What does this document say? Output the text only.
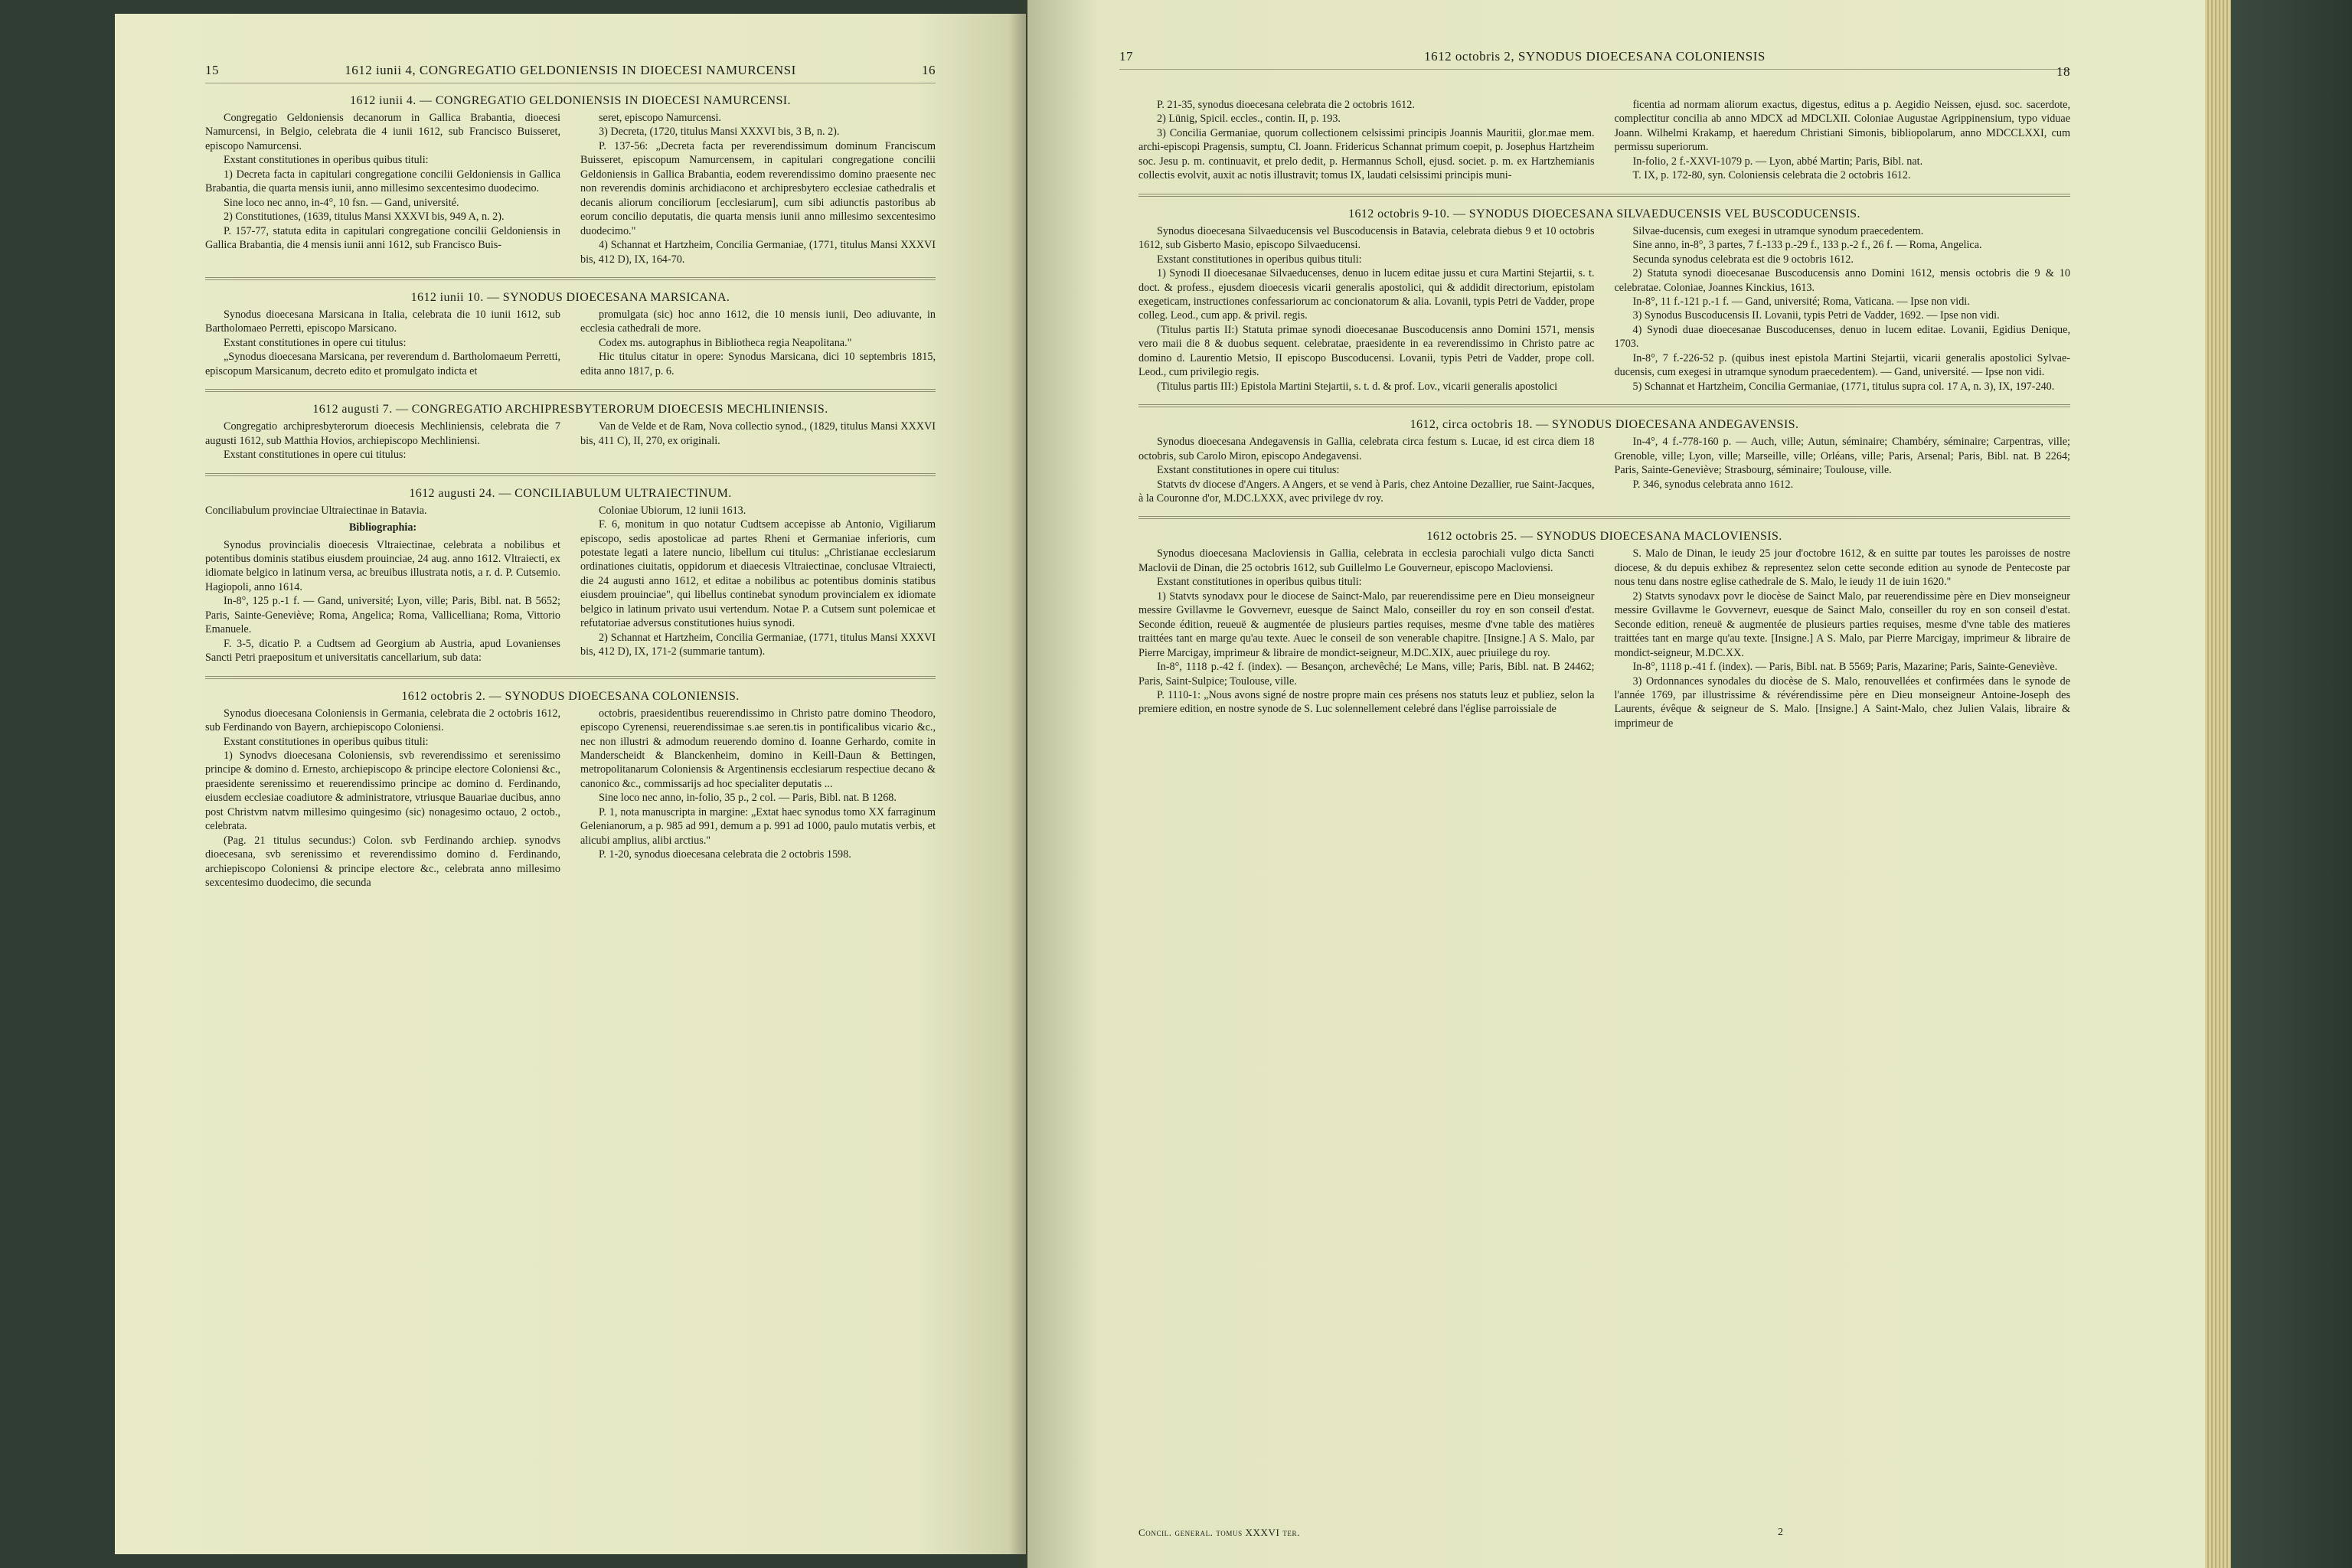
15	1612 iunii 4, CONGREGATIO GELDONIENSIS IN DIOECESI NAMURCENSI	16
1612 iunii 4. — CONGREGATIO GELDONIENSIS IN DIOECESI NAMURCENSI.

Congregatio Geldoniensis decanorum in Gallica Brabantia, dioecesi Namurcensi, in Belgio, celebrata die 4 iunii 1612, sub Francisco Buisseret, episcopo Namurcensi.

Exstant constitutiones in operibus quibus tituli:

1) Decreta facta in capitulari congregatione concilii Geldoniensis in Gallica Brabantia, die quarta mensis iunii, anno millesimo sexcentesimo duodecimo.

Sine loco nec anno, in-4°, 10 fsn. — Gand, université.

2) Constitutiones, (1639, titulus Mansi XXXVI bis, 949 A, n. 2).

P. 157-77, statuta edita in capitulari congregatione concilii Geldoniensis in Gallica Brabantia, die 4 mensis iunii anni 1612, sub Francisco Buis-

seret, episcopo Namurcensi.

3) Decreta, (1720, titulus Mansi XXXVI bis, 3 B, n. 2).

P. 137-56: „Decreta facta per reverendissimum dominum Franciscum Buisseret, episcopum Namurcensem, in capitulari congregatione concilii Geldoniensis in Gallica Brabantia, eodem reverendissimo domino praesente nec non reverendis dominis archidiacono et archipresbytero ecclesiae cathedralis et decanis aliorum conciliorum [ecclesiarum], cum sibi adiunctis pastoribus ab eorum concilio deputatis, die quarta mensis iunii anno millesimo sexcentesimo duodecimo."

4) Schannat et Hartzheim, Concilia Germaniae, (1771, titulus Mansi XXXVI bis, 412 D), IX, 164-70.

1612 iunii 10. — SYNODUS DIOECESANA MARSICANA.

Synodus dioecesana Marsicana in Italia, celebrata die 10 iunii 1612, sub Bartholomaeo Perretti, episcopo Marsicano.

Exstant constitutiones in opere cui titulus:

„Synodus dioecesana Marsicana, per reverendum d. Bartholomaeum Perretti, episcopum Marsicanum, decreto edito et promulgato indicta et

promulgata (sic) hoc anno 1612, die 10 mensis iunii, Deo adiuvante, in ecclesia cathedrali de more.

Codex ms. autographus in Bibliotheca regia Neapolitana."

Hic titulus citatur in opere: Synodus Marsicana, dici 10 septembris 1815, edita anno 1817, p. 6.

1612 augusti 7. — CONGREGATIO ARCHIPRESBYTERORUM DIOECESIS MECHLINIENSIS.

Congregatio archipresbyterorum dioecesis Mechliniensis, celebrata die 7 augusti 1612, sub Matthia Hovios, archiepiscopo Mechliniensi.

Exstant constitutiones in opere cui titulus:

Van de Velde et de Ram, Nova collectio synod., (1829, titulus Mansi XXXVI bis, 411 C), II, 270, ex originali.

1612 augusti 24. — CONCILIABULUM ULTRAIECTINUM.

Conciliabulum provinciae Ultraiectinae in Batavia.

Bibliographia:

Synodus provincialis dioecesis Vltraiectinae, celebrata a nobilibus et potentibus dominis statibus eiusdem prouinciae, 24 aug. anno 1612. Vltraiecti, ex idiomate belgico in latinum versa, ac breuibus illustrata notis, a r. d. P. Cutsemio. Hagiopoli, anno 1614.

In-8°, 125 p.-1 f. — Gand, université; Lyon, ville; Paris, Bibl. nat. B 5652; Paris, Sainte-Geneviève; Roma, Angelica; Roma, Vallicelliana; Roma, Vittorio Emanuele.

F. 3-5, dicatio P. a Cudtsem ad Georgium ab Austria, apud Lovanienses Sancti Petri praepositum et universitatis cancellarium, sub data:

Coloniae Ubiorum, 12 iunii 1613.

F. 6, monitum in quo notatur Cudtsem accepisse ab Antonio, Vigiliarum episcopo, sedis apostolicae ad partes Rheni et Germaniae inferioris, cum potestate legati a latere nuncio, libellum cui titulus: „Christianae ecclesiarum ordinationes ciuitatis, oppidorum et diaecesis Vltraiectinae, conclusae Vltraiecti, die 24 augusti anno 1612, et editae a nobilibus ac potentibus dominis statibus eiusdem prouinciae", qui libellus continebat synodum provincialem ex idiomate belgico in latinum privato usui vertendum. Notae P. a Cutsem sunt polemicae et refutatoriae adversus constitutiones huius synodi.

2) Schannat et Hartzheim, Concilia Germaniae, (1771, titulus Mansi XXXVI bis, 412 D), IX, 171-2 (summarie tantum).

1612 octobris 2. — SYNODUS DIOECESANA COLONIENSIS.

Synodus dioecesana Coloniensis in Germania, celebrata die 2 octobris 1612, sub Ferdinando von Bayern, archiepiscopo Coloniensi.

Exstant constitutiones in operibus quibus tituli:

1) Synodvs dioecesana Coloniensis, svb reverendissimo et serenissimo principe & domino d. Ernesto, archiepiscopo & principe electore Coloniensi &c., praesidente serenissimo et reuerendissimo principe ac domino d. Ferdinando, eiusdem ecclesiae coadiutore & administratore, vtriusque Bauariae ducibus, anno post Christvm natvm millesimo quingesimo (sic) nonagesimo octauo, 2 octob., celebrata.

(Pag. 21 titulus secundus:) Colon. svb Ferdinando archiep. synodvs dioecesana, svb serenissimo et reverendissimo domino d. Ferdinando, archiepiscopo Coloniensi & principe electore &c., celebrata anno millesimo sexcentesimo duodecimo, die secunda

octobris, praesidentibus reuerendissimo in Christo patre domino Theodoro, episcopo Cyrenensi, reuerendissimae s.ae seren.tis in pontificalibus vicario &c., nec non illustri & admodum reuerendo domino d. Ioanne Gerhardo, comite in Manderscheidt & Blanckenheim, domino in Keill-Daun & Bettingen, metropolitanarum Coloniensis & Argentinensis ecclesiarum respectiue decano & canonico &c., commissarijs ad hoc specialiter deputatis ...

Sine loco nec anno, in-folio, 35 p., 2 col. — Paris, Bibl. nat. B 1268.

P. 1, nota manuscripta in margine: „Extat haec synodus tomo XX farraginum Gelenianorum, a p. 985 ad 991, demum a p. 991 ad 1000, paulo mutatis verbis, et alicubi amplius, alibi arctius."

P. 1-20, synodus dioecesana celebrata die 2 octobris 1598.

17	1612 octobris 2, SYNODUS DIOECESANA COLONIENSIS
18

P. 21-35, synodus dioecesana celebrata die 2 octobris 1612.

2) Lünig, Spicil. eccles., contin. II, p. 193.

3) Concilia Germaniae, quorum collectionem celsissimi principis Joannis Mauritii, glor.mae mem. archi-episcopi Pragensis, sumptu, Cl. Joann. Fridericus Schannat primum coepit, p. Josephus Hartzheim soc. Jesu p. m. continuavit, et prelo dedit, p. Hermannus Scholl, ejusd. societ. p. m. ex Hartzhemianis collectis evolvit, auxit ac notis illustravit; tomus IX, laudati celsissimi principis muni-

ficentia ad normam aliorum exactus, digestus, editus a p. Aegidio Neissen, ejusd. soc. sacerdote, complectitur concilia ab anno MDCX ad MDCLXII. Coloniae Augustae Agrippinensium, typo viduae Joann. Wilhelmi Krakamp, et haeredum Christiani Simonis, bibliopolarum, anno MDCCLXXI, cum permissu superiorum.

In-folio, 2 f.-XXVI-1079 p. — Lyon, abbé Martin; Paris, Bibl. nat.

T. IX, p. 172-80, syn. Coloniensis celebrata die 2 octobris 1612.

1612 octobris 9-10. — SYNODUS DIOECESANA SILVAEDUCENSIS VEL BUSCODUCENSIS.

Synodus dioecesana Silvaeducensis vel Buscoducensis in Batavia, celebrata diebus 9 et 10 octobris 1612, sub Gisberto Masio, episcopo Silvaeducensi.

Exstant constitutiones in operibus quibus tituli:

1) Synodi II dioecesanae Silvaeducenses, denuo in lucem editae jussu et cura Martini Stejartii, s. t. doct. & profess., ejusdem dioecesis vicarii generalis apostolici, qui & addidit directorium, epistolam exegeticam, instructiones confessariorum ac concionatorum & alia. Lovanii, typis Petri de Vadder, prope colleg. Leod., cum app. & privil. regis.

(Titulus partis II:) Statuta primae synodi dioecesanae Buscoducensis anno Domini 1571, mensis vero maii die 8 & duobus sequent. celebratae, praesidente in ea reverendissimo in Christo patre ac domino d. Laurentio Metsio, II episcopo Buscoducensi. Lovanii, typis Petri de Vadder, prope coll. Leod., cum privilegio regis.

(Titulus partis III:) Epistola Martini Stejartii, s. t. d. & prof. Lov., vicarii generalis apostolici

Silvae-ducensis, cum exegesi in utramque synodum praecedentem.

Sine anno, in-8°, 3 partes, 7 f.-133 p.-29 f., 133 p.-2 f., 26 f. — Roma, Angelica.

Secunda synodus celebrata est die 9 octobris 1612.

2) Statuta synodi dioecesanae Buscoducensis anno Domini 1612, mensis octobris die 9 & 10 celebratae. Coloniae, Joannes Kinckius, 1613.

In-8°, 11 f.-121 p.-1 f. — Gand, université; Roma, Vaticana. — Ipse non vidi.

3) Synodus Buscoducensis II. Lovanii, typis Petri de Vadder, 1692. — Ipse non vidi.

4) Synodi duae dioecesanae Buscoducenses, denuo in lucem editae. Lovanii, Egidius Denique, 1703.

In-8°, 7 f.-226-52 p. (quibus inest epistola Martini Stejartii, vicarii generalis apostolici Sylvae-ducensis, cum exegesi in utramque synodum praecedentem). — Gand, université. — Ipse non vidi.

5) Schannat et Hartzheim, Concilia Germaniae, (1771, titulus supra col. 17 A, n. 3), IX, 197-240.

1612, circa octobris 18. — SYNODUS DIOECESANA ANDEGAVENSIS.

Synodus dioecesana Andegavensis in Gallia, celebrata circa festum s. Lucae, id est circa diem 18 octobris, sub Carolo Miron, episcopo Andegavensi.

Exstant constitutiones in opere cui titulus:

Statvts dv diocese d'Angers. A Angers, et se vend à Paris, chez Antoine Dezallier, rue Saint-Jacques, à la Couronne d'or, M.DC.LXXX, avec privilege dv roy.

In-4°, 4 f.-778-160 p. — Auch, ville; Autun, séminaire; Chambéry, séminaire; Carpentras, ville; Grenoble, ville; Lyon, ville; Marseille, ville; Orléans, ville; Paris, Arsenal; Paris, Bibl. nat. B 2264; Paris, Sainte-Geneviève; Strasbourg, séminaire; Toulouse, ville.

P. 346, synodus celebrata anno 1612.

1612 octobris 25. — SYNODUS DIOECESANA MACLOVIENSIS.

Synodus dioecesana Macloviensis in Gallia, celebrata in ecclesia parochiali vulgo dicta Sancti Maclovii de Dinan, die 25 octobris 1612, sub Guillelmo Le Gouverneur, episcopo Macloviensi.

Exstant constitutiones in operibus quibus tituli:

1) Statvts synodavx pour le diocese de Sainct-Malo, par reuerendissime pere en Dieu monseigneur messire Gvillavme le Govvernevr, euesque de Sainct Malo, conseiller du roy en son conseil d'estat. Seconde édition, reueuë & augmentée de plusieurs parties requises, mesme d'vne table des matières traittées tant en marge qu'au texte. Auec le conseil de son venerable chapitre. [Insigne.] A S. Malo, par Pierre Marcigay, imprimeur & libraire de mondict-seigneur, M.DC.XIX, auec priuilege du roy.

In-8°, 1118 p.-42 f. (index). — Besançon, archevêché; Le Mans, ville; Paris, Bibl. nat. B 24462; Paris, Saint-Sulpice; Toulouse, ville.

P. 1110-1: „Nous avons signé de nostre propre main ces présens nos statuts leuz et publiez, selon la premiere edition, en nostre synode de S. Luc solennellement celebré dans l'église parroissiale de

S. Malo de Dinan, le ieudy 25 jour d'octobre 1612, & en suitte par toutes les paroisses de nostre diocese, & du depuis exhibez & representez selon cette seconde edition au synode de Pentecoste par nous tenu dans nostre eglise cathedrale de S. Malo, le ieudy 11 de iuin 1620."

2) Statvts synodavx povr le diocèse de Sainct Malo, par reuerendissime père en Diev monseigneur messire Gvillavme le Govvernevr, euesque de Sainct Malo, conseiller du roy en son conseil d'estat. Seconde edition, reneuë & augmentée de plusieurs parties requises, mesme d'vne table des matieres traittées tant en marge qu'au texte. [Insigne.] A S. Malo, par Pierre Marcigay, imprimeur & libraire de mondict-seigneur, M.DC.XX.

In-8°, 1118 p.-41 f. (index). — Paris, Bibl. nat. B 5569; Paris, Mazarine; Paris, Sainte-Geneviève.

3) Ordonnances synodales du diocèse de S. Malo, renouvellées et confirmées dans le synode de l'année 1769, par illustrissime & révérendissime père en Dieu monseigneur Antoine-Joseph des Laurents, évêque & seigneur de S. Malo. [Insigne.] A Saint-Malo, chez Julien Valais, libraire & imprimeur de

Concil. general. tomus XXXVI ter.	2
